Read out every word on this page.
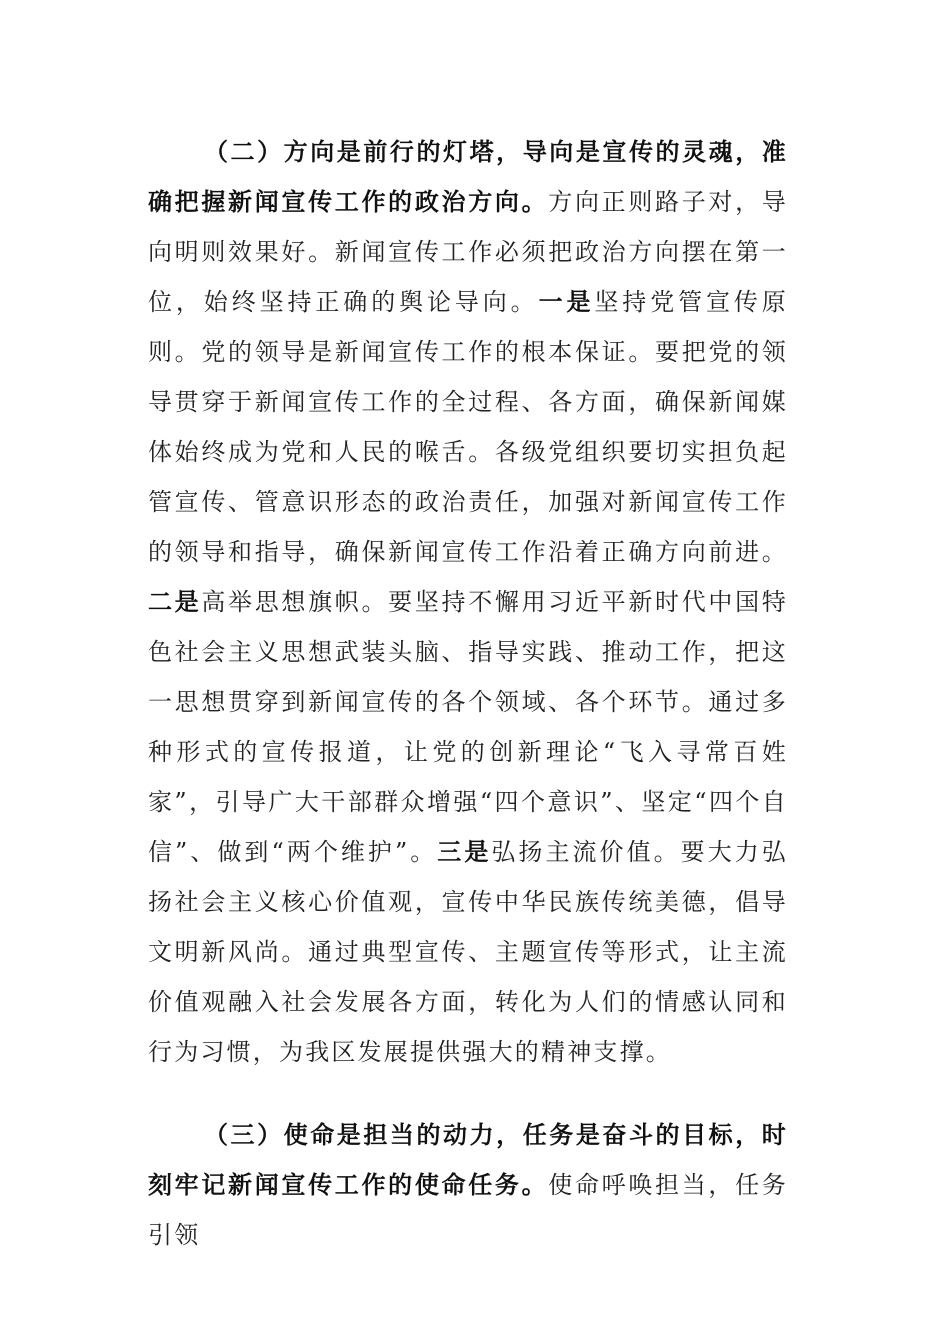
（二）方向是前行的灯塔，导向是宣传的灵魂，准确把握新闻宣传工作的政治方向。方向正则路子对，导向明则效果好。新闻宣传工作必须把政治方向摆在第一位，始终坚持正确的舆论导向。一是坚持党管宣传原则。党的领导是新闻宣传工作的根本保证。要把党的领导贯穿于新闻宣传工作的全过程、各方面，确保新闻媒体始终成为党和人民的喉舌。各级党组织要切实担负起管宣传、管意识形态的政治责任，加强对新闻宣传工作的领导和指导，确保新闻宣传工作沿着正确方向前进。二是高举思想旗帜。要坚持不懈用习近平新时代中国特色社会主义思想武装头脑、指导实践、推动工作，把这一思想贯穿到新闻宣传的各个领域、各个环节。通过多种形式的宣传报道，让党的创新理论“飞入寻常百姓家”，引导广大干部群众增强“四个意识”、坚定“四个自信”、做到“两个维护”。三是弘扬主流价值。要大力弘扬社会主义核心价值观，宣传中华民族传统美德，倡导文明新风尚。通过典型宣传、主题宣传等形式，让主流价值观融入社会发展各方面，转化为人们的情感认同和行为习惯，为我区发展提供强大的精神支撑。

（三）使命是担当的动力，任务是奋斗的目标，时刻牢记新闻宣传工作的使命任务。使命呼唤担当，任务引领
